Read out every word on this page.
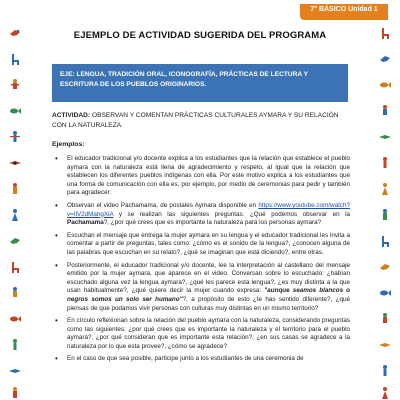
7° BÁSICO Unidad 1
EJEMPLO DE ACTIVIDAD SUGERIDA DEL PROGRAMA
EJE: LENGUA, TRADICIÓN ORAL, ICONOGRAFÍA, PRÁCTICAS DE LECTURA Y ESCRITURA DE LOS PUEBLOS ORIGINARIOS.
ACTIVIDAD: OBSERVAN Y COMENTAN PRÁCTICAS CULTURALES AYMARA Y SU RELACIÓN CON LA NATURALEZA.
Ejemplos:
• El educador tradicional y/o docente explica a los estudiantes que la relación que establece el pueblo aymara con la naturaleza está llena de agradecimiento y respeto, al igual que la relación que establecen los diferentes pueblos indígenas con ella. Por este motivo explica a los estudiantes que una forma de comunicación con ella es, por ejemplo, por medio de ceremonias para pedir y también para agradecer.
• Observan el video Pachamama, de postales Aymara disponible en https://www.youtube.com/watch?v=IlV2dMahgXiA y se realizan las siguientes preguntas: ¿Qué podemos observar en la Pachamama?, ¿por qué crees que es importante la naturaleza para los personas aymara?
• Escuchan el mensaje que entrega la mujer aymara en su lengua y el educador tradicional les invita a comentar a partir de preguntas, tales como: ¿cómo es el sonido de la lengua?, ¿conocen alguna de las palabras que escuchan en su relato?, ¿qué se imaginan que está diciendo?, entre otras.
• Posteriormente, el educador tradicional y/o docente, lee la interpretación al castellano del mensaje emitido por la mujer aymara, que aparece en el video. Conversan sobre lo escuchado: ¿habían escuchado alguna vez la lengua aymara?, ¿qué les parece esta lengua?, ¿es muy distinta a la que usan habitualmente?, ¿qué quiere decir la mujer cuando expresa: "aunque seamos blancos o negros somos un solo ser humano"?, a propósito de esto ¿te has sentido diferente?, ¿qué piensas de que podamos vivir personas con culturas muy distintas en un mismo territorio?
• En círculo reflexionan sobre la relación del pueblo aymara con la naturaleza, considerando preguntas como las siguientes: ¿por qué crees que es importante la naturaleza y el territorio para el pueblo aymara?, ¿por qué consideran que es importante esta relación?, ¿en sus casas se agradece a la naturaleza por lo que esta provee?, ¿cómo se agradece?
• En el caso de que sea posible, participe junto a los estudiantes de una ceremonia de
